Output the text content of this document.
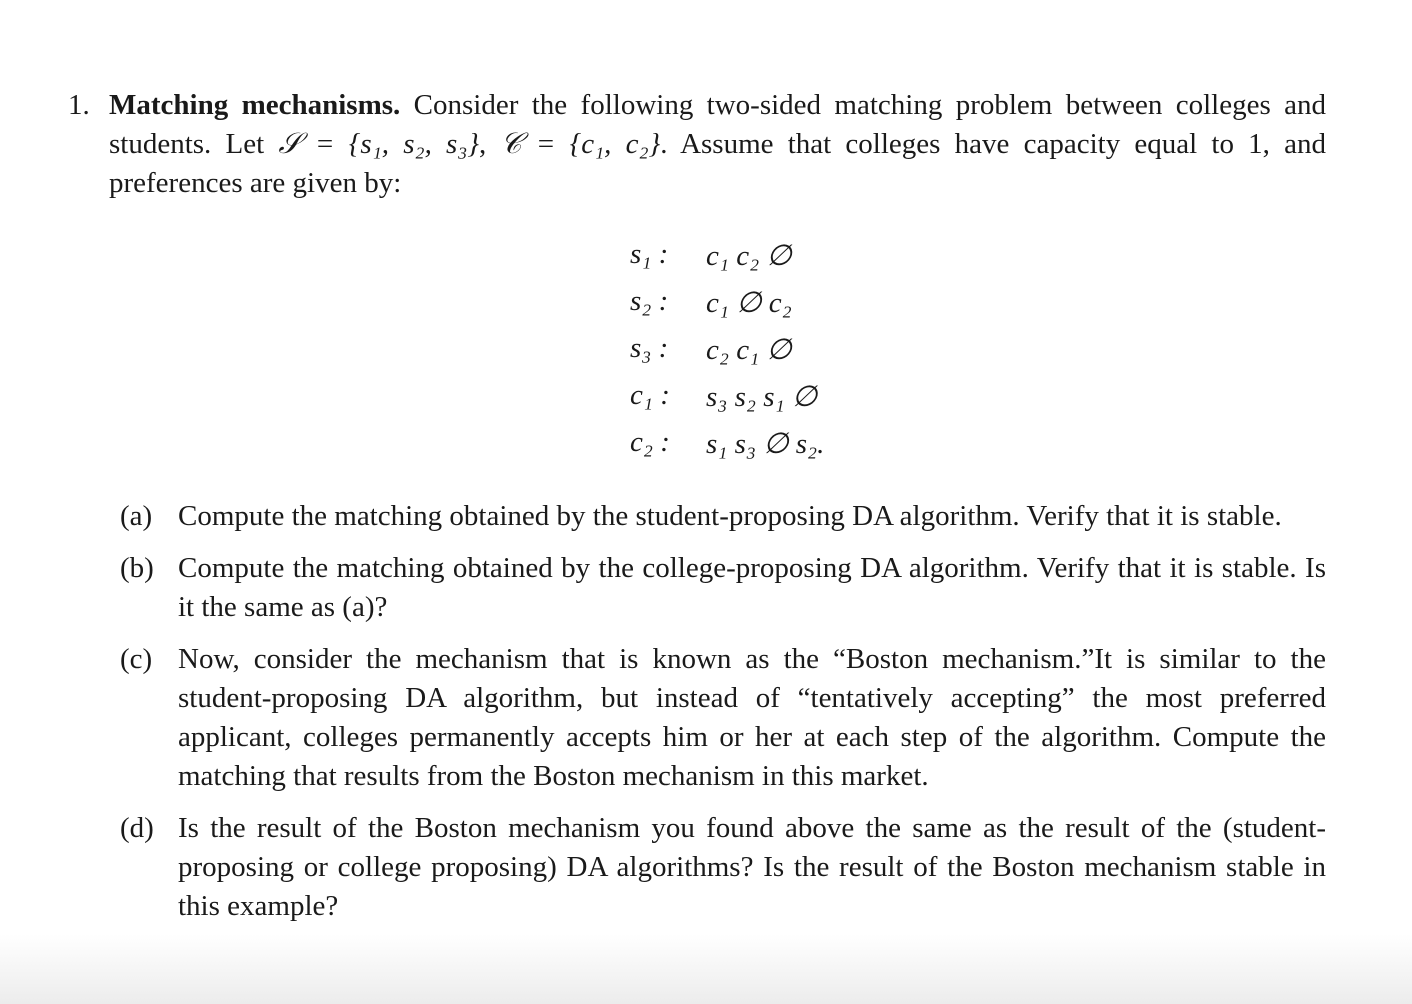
1. Matching mechanisms. Consider the following two-sided matching problem between colleges and students. Let 𝒮 = {s₁, s₂, s₃}, 𝒞 = {c₁, c₂}. Assume that colleges have capacity equal to 1, and preferences are given by:
s₁ :	c₁ c₂ ∅
s₂ :	c₁ ∅ c₂
s₃ :	c₂ c₁ ∅
c₁ :	s₃ s₂ s₁ ∅
c₂ :	s₁ s₃ ∅ s₂.
(a) Compute the matching obtained by the student-proposing DA algorithm. Verify that it is stable.
(b) Compute the matching obtained by the college-proposing DA algorithm. Verify that it is stable. Is it the same as (a)?
(c) Now, consider the mechanism that is known as the “Boston mechanism.”It is similar to the student-proposing DA algorithm, but instead of “tentatively accepting” the most preferred applicant, colleges permanently accepts him or her at each step of the algorithm. Compute the matching that results from the Boston mechanism in this market.
(d) Is the result of the Boston mechanism you found above the same as the result of the (student-proposing or college proposing) DA algorithms? Is the result of the Boston mechanism stable in this example?
